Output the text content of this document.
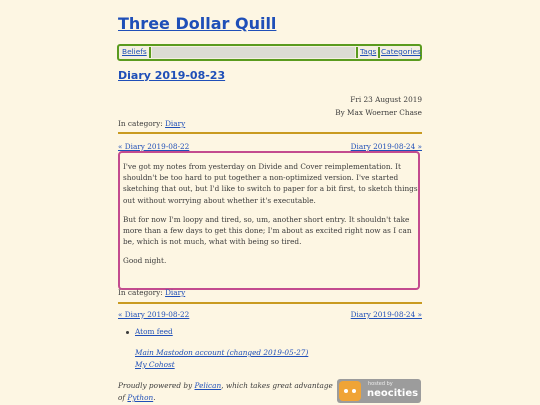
Three Dollar Quill
Beliefs	Tags Categories
Diary 2019-08-23
Fri 23 August 2019
By Max Woerner Chase
In category: Diary
« Diary 2019-08-22	Diary 2019-08-24 »

I've got my notes from yesterday on Divide and Cover reimplementation. It shouldn't be too hard to put together a non-optimized version. I've started sketching that out, but I'd like to switch to paper for a bit first, to sketch things out without worrying about whether it's executable.

But for now I'm loopy and tired, so, um, another short entry. It shouldn't take more than a few days to get this done; I'm about as excited right now as I can be, which is not much, what with being so tired.

Good night.

In category: Diary
« Diary 2019-08-22	Diary 2019-08-24 »
Atom feed
Main Mastodon account (changed 2019-05-27)
My Cohost
Proudly powered by Pelican, which takes great advantage of Python.
hosted by
neocities
